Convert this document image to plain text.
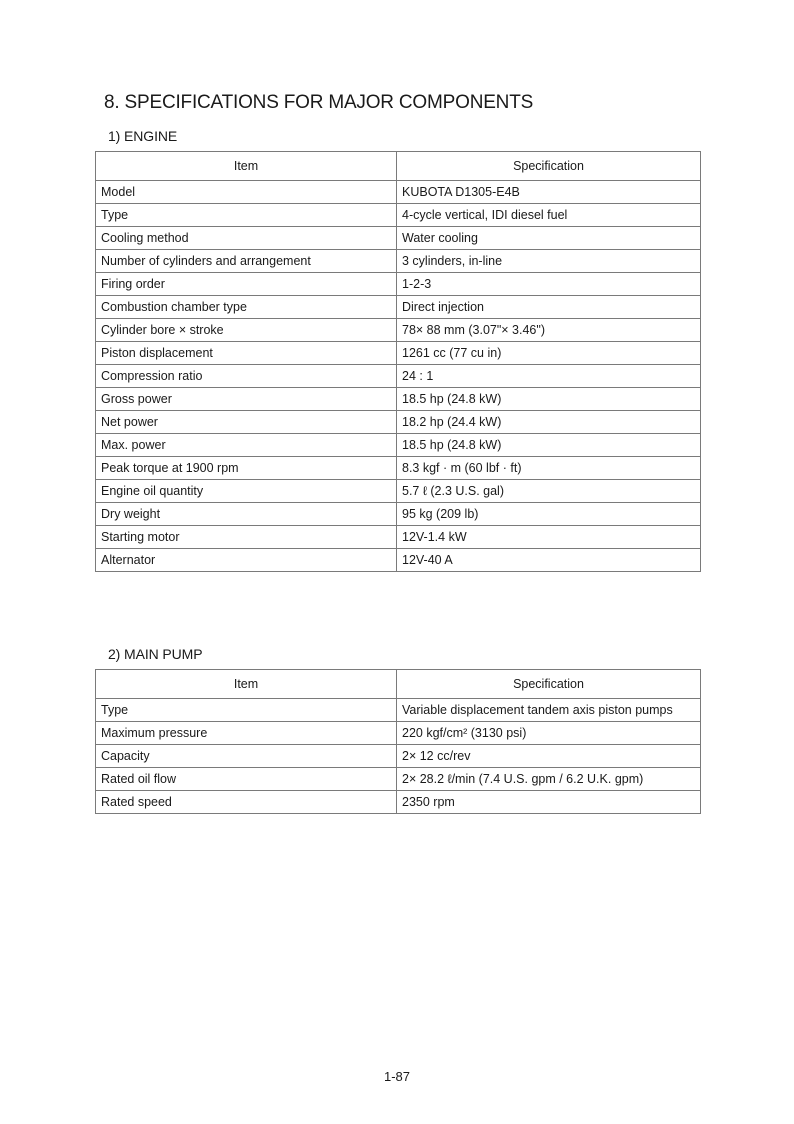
8. SPECIFICATIONS FOR MAJOR COMPONENTS
1) ENGINE
Item	Specification
Model	KUBOTA D1305-E4B
Type	4-cycle vertical, IDI diesel fuel
Cooling method	Water cooling
Number of cylinders and arrangement	3 cylinders, in-line
Firing order	1-2-3
Combustion chamber type	Direct injection
Cylinder bore × stroke	78× 88 mm (3.07"× 3.46")
Piston displacement	1261 cc (77 cu in)
Compression ratio	24 : 1
Gross power	18.5 hp (24.8 kW)
Net power	18.2 hp (24.4 kW)
Max. power	18.5 hp (24.8 kW)
Peak torque at 1900 rpm	8.3 kgf · m (60 lbf · ft)
Engine oil quantity	5.7 ℓ (2.3 U.S. gal)
Dry weight	95 kg (209 lb)
Starting motor	12V-1.4 kW
Alternator	12V-40 A
2) MAIN PUMP
Item	Specification
Type	Variable displacement tandem axis piston pumps
Maximum pressure	220 kgf/cm² (3130 psi)
Capacity	2× 12 cc/rev
Rated oil flow	2× 28.2 ℓ/min (7.4 U.S. gpm / 6.2 U.K. gpm)
Rated speed	2350 rpm
1-87
